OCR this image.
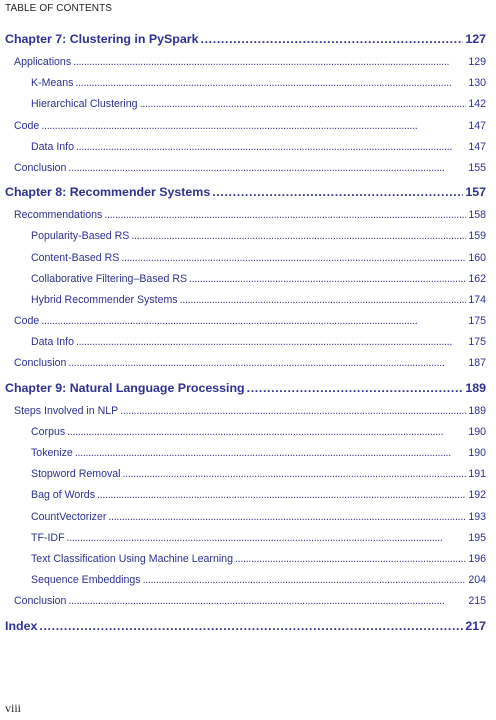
TABLE OF CONTENTS
Chapter 7: Clustering in PySpark . . .	127
Applications . . .	129
K-Means . . .	130
Hierarchical Clustering . . .	142
Code . . .	147
Data Info . . .	147
Conclusion . . .	155
Chapter 8: Recommender Systems . . .	157
Recommendations . . .	158
Popularity-Based RS . . .	159
Content-Based RS . . .	160
Collaborative Filtering–Based RS . . .	162
Hybrid Recommender Systems . . .	174
Code . . .	175
Data Info . . .	175
Conclusion . . .	187
Chapter 9: Natural Language Processing . . .	189
Steps Involved in NLP . . .	189
Corpus . . .	190
Tokenize . . .	190
Stopword Removal . . .	191
Bag of Words . . .	192
CountVectorizer . . .	193
TF-IDF . . .	195
Text Classification Using Machine Learning . . .	196
Sequence Embeddings . . .	204
Conclusion . . .	215
Index . . .	217
viii
